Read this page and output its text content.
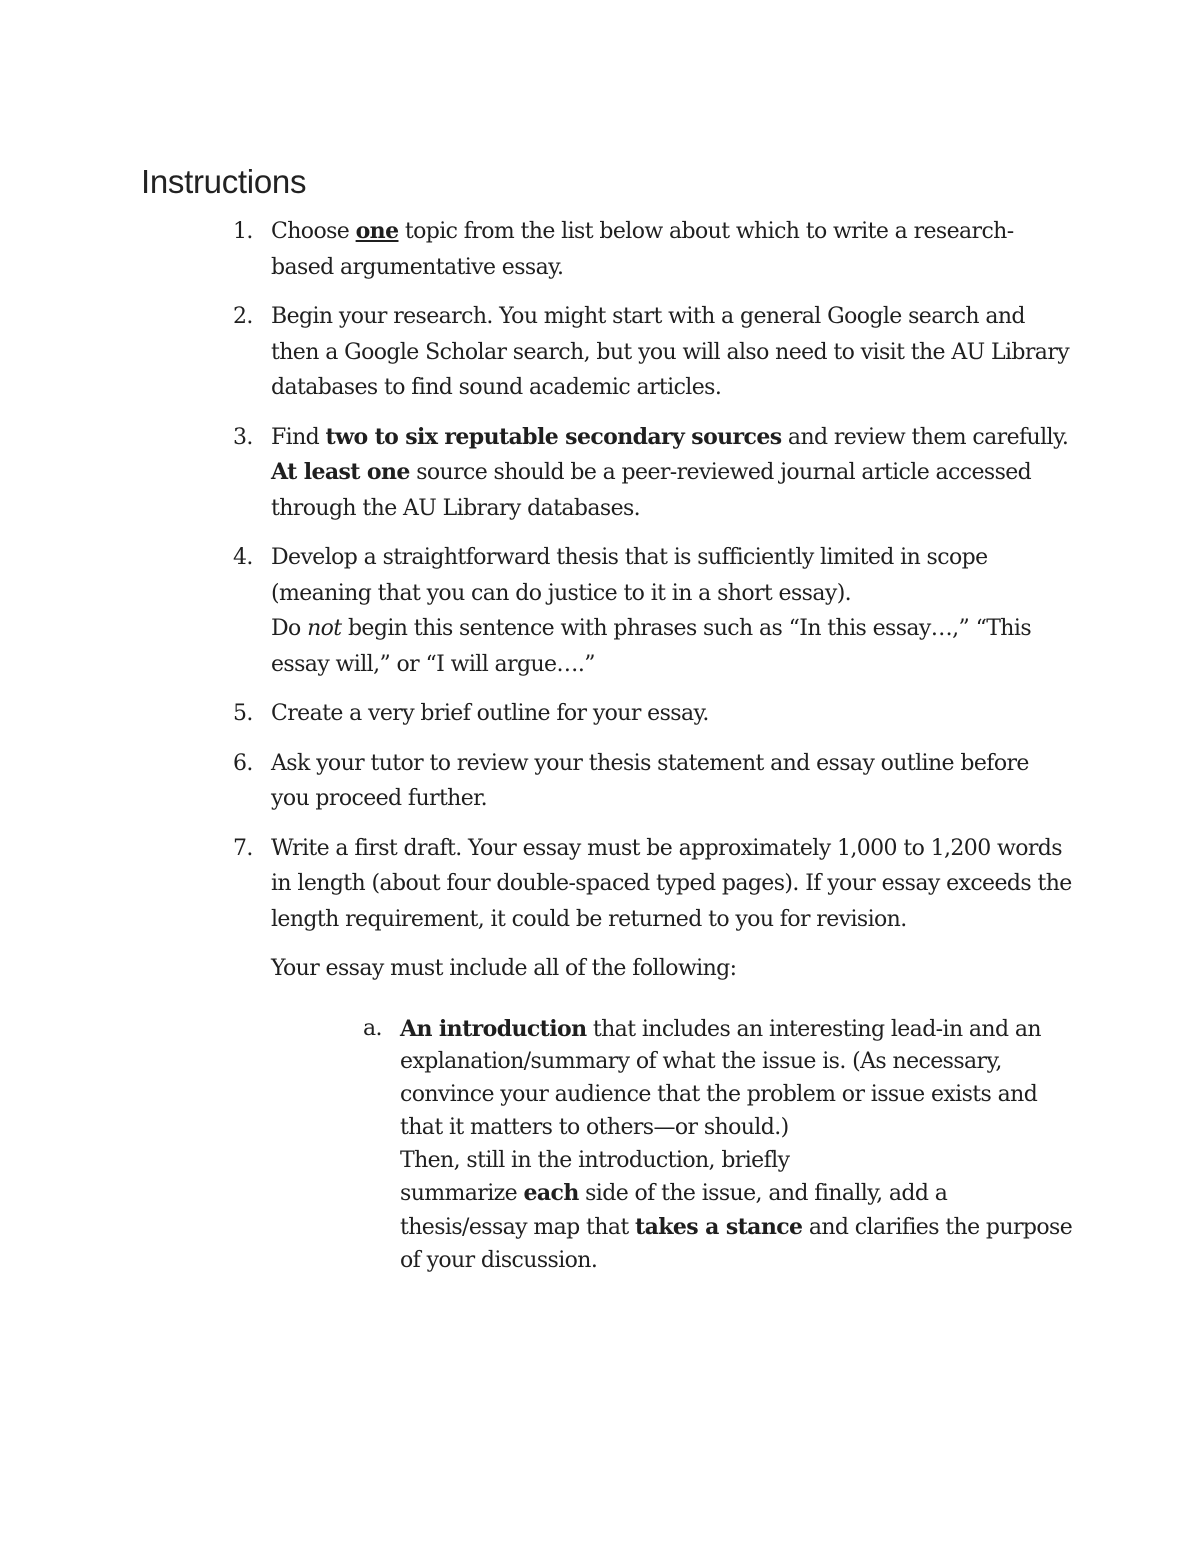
Instructions
1. Choose one topic from the list below about which to write a research-based argumentative essay.
2. Begin your research. You might start with a general Google search and then a Google Scholar search, but you will also need to visit the AU Library databases to find sound academic articles.
3. Find two to six reputable secondary sources and review them carefully. At least one source should be a peer-reviewed journal article accessed through the AU Library databases.
4. Develop a straightforward thesis that is sufficiently limited in scope (meaning that you can do justice to it in a short essay).
Do not begin this sentence with phrases such as “In this essay…,” “This essay will,” or “I will argue….”
5. Create a very brief outline for your essay.
6. Ask your tutor to review your thesis statement and essay outline before you proceed further.
7. Write a first draft. Your essay must be approximately 1,000 to 1,200 words in length (about four double-spaced typed pages). If your essay exceeds the length requirement, it could be returned to you for revision.
Your essay must include all of the following:
a. An introduction that includes an interesting lead-in and an explanation/summary of what the issue is. (As necessary, convince your audience that the problem or issue exists and that it matters to others—or should.)
Then, still in the introduction, briefly
summarize each side of the issue, and finally, add a thesis/essay map that takes a stance and clarifies the purpose of your discussion.
